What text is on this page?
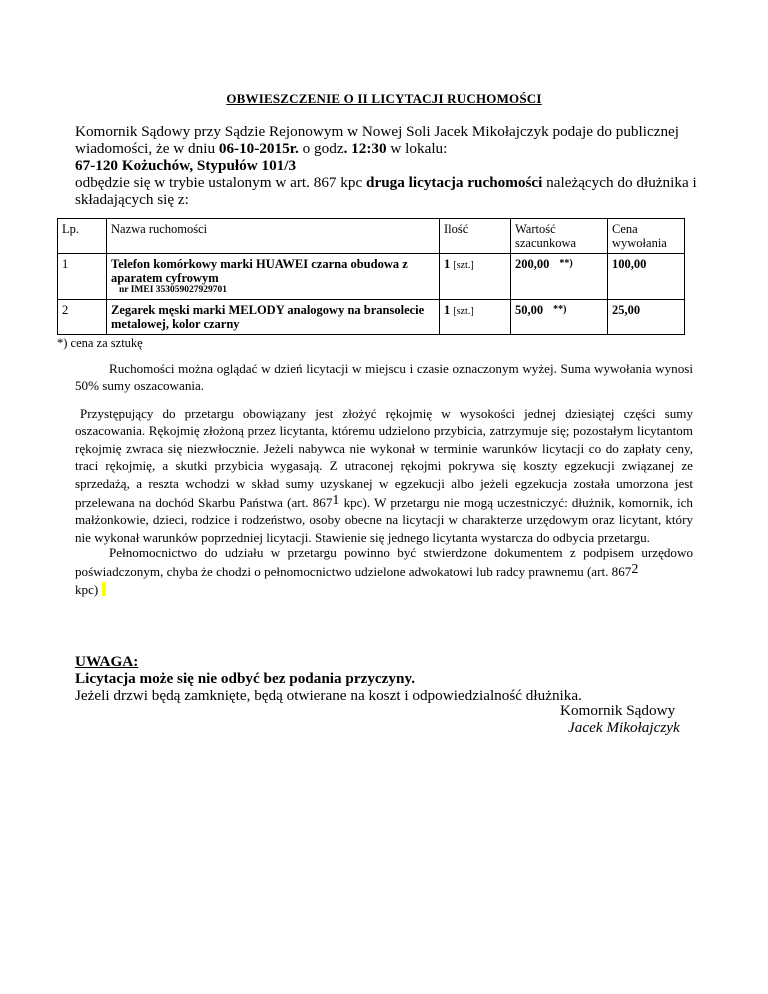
OBWIESZCZENIE O II LICYTACJI RUCHOMOŚCI
Komornik Sądowy przy Sądzie Rejonowym w Nowej Soli Jacek Mikołajczyk podaje do publicznej wiadomości, że w dniu 06-10-2015r. o godz. 12:30 w lokalu:
67-120 Kożuchów, Stypułów 101/3
odbędzie się w trybie ustalonym w art. 867 kpc druga licytacja ruchomości należących do dłużnika i składających się z:
Lp.	Nazwa ruchomości	Ilość	Wartość szacunkowa	Cena wywołania
1	Telefon komórkowy marki HUAWEI czarna obudowa z aparatem cyfrowym
nr IMEI 353059027929701	1 [szt.]	200,00 **)	100,00
2	Zegarek męski marki MELODY analogowy na bransolecie metalowej, kolor czarny	1 [szt.]	50,00 **)	25,00
*) cena za sztukę
Ruchomości można oglądać w dzień licytacji w miejscu i czasie oznaczonym wyżej. Suma wywołania wynosi 50% sumy oszacowania.
Przystępujący do przetargu obowiązany jest złożyć rękojmię w wysokości jednej dziesiątej części sumy oszacowania. Rękojmię złożoną przez licytanta, któremu udzielono przybicia, zatrzymuje się; pozostałym licytantom rękojmię zwraca się niezwłocznie. Jeżeli nabywca nie wykonał w terminie warunków licytacji co do zapłaty ceny, traci rękojmię, a skutki przybicia wygasają. Z utraconej rękojmi pokrywa się koszty egzekucji związanej ze sprzedażą, a reszta wchodzi w skład sumy uzyskanej w egzekucji albo jeżeli egzekucja została umorzona jest przelewana na dochód Skarbu Państwa (art. $867^1$ kpc). W przetargu nie mogą uczestniczyć: dłużnik, komornik, ich małżonkowie, dzieci, rodzice i rodzeństwo, osoby obecne na licytacji w charakterze urzędowym oraz licytant, który nie wykonał warunków poprzedniej licytacji. Stawienie się jednego licytanta wystarcza do odbycia przetargu.
Pełnomocnictwo do udziału w przetargu powinno być stwierdzone dokumentem z podpisem urzędowo poświadczonym, chyba że chodzi o pełnomocnictwo udzielone adwokatowi lub radcy prawnemu (art. $867^2$
kpc)
UWAGA:
Licytacja może się nie odbyć bez podania przyczyny.
Jeżeli drzwi będą zamknięte, będą otwierane na koszt i odpowiedzialność dłużnika.
Komornik Sądowy
Jacek Mikołajczyk
